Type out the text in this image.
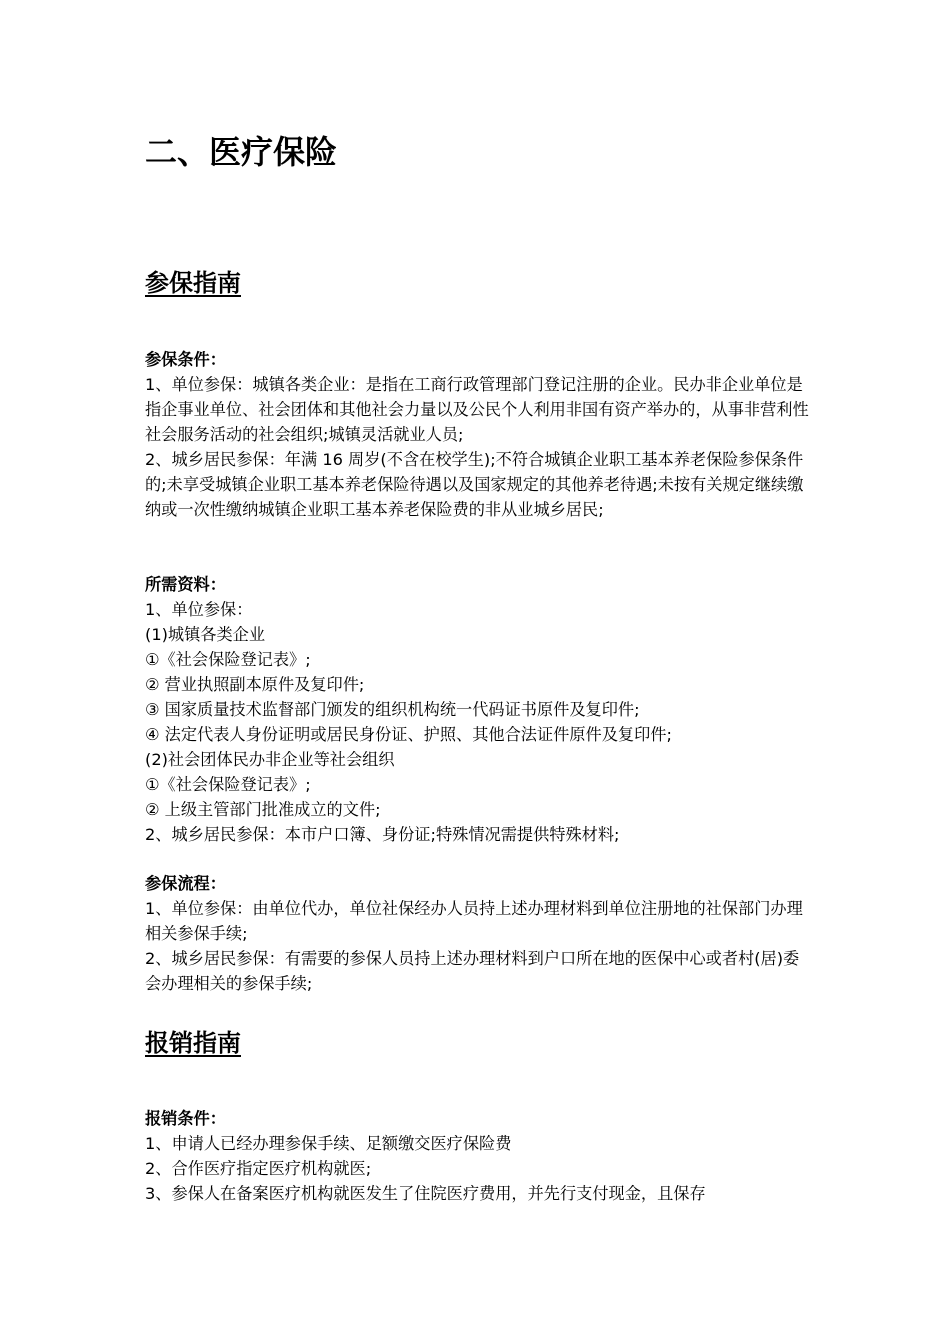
二、医疗保险
参保指南
参保条件：
1、单位参保：城镇各类企业：是指在工商行政管理部门登记注册的企业。民办非企业单位是指企事业单位、社会团体和其他社会力量以及公民个人利用非国有资产举办的，从事非营利性社会服务活动的社会组织;城镇灵活就业人员;
2、城乡居民参保：年满 16 周岁(不含在校学生);不符合城镇企业职工基本养老保险参保条件的;未享受城镇企业职工基本养老保险待遇以及国家规定的其他养老待遇;未按有关规定继续缴纳或一次性缴纳城镇企业职工基本养老保险费的非从业城乡居民;
所需资料：
1、单位参保：
(1)城镇各类企业
①《社会保险登记表》;
② 营业执照副本原件及复印件;
③ 国家质量技术监督部门颁发的组织机构统一代码证书原件及复印件;
④ 法定代表人身份证明或居民身份证、护照、其他合法证件原件及复印件;
(2)社会团体民办非企业等社会组织
①《社会保险登记表》;
② 上级主管部门批准成立的文件;
2、城乡居民参保：本市户口簿、身份证;特殊情况需提供特殊材料;
参保流程：
1、单位参保：由单位代办，单位社保经办人员持上述办理材料到单位注册地的社保部门办理相关参保手续;
2、城乡居民参保：有需要的参保人员持上述办理材料到户口所在地的医保中心或者村(居)委会办理相关的参保手续;
报销指南
报销条件：
1、申请人已经办理参保手续、足额缴交医疗保险费
2、合作医疗指定医疗机构就医;
3、参保人在备案医疗机构就医发生了住院医疗费用，并先行支付现金，且保存
